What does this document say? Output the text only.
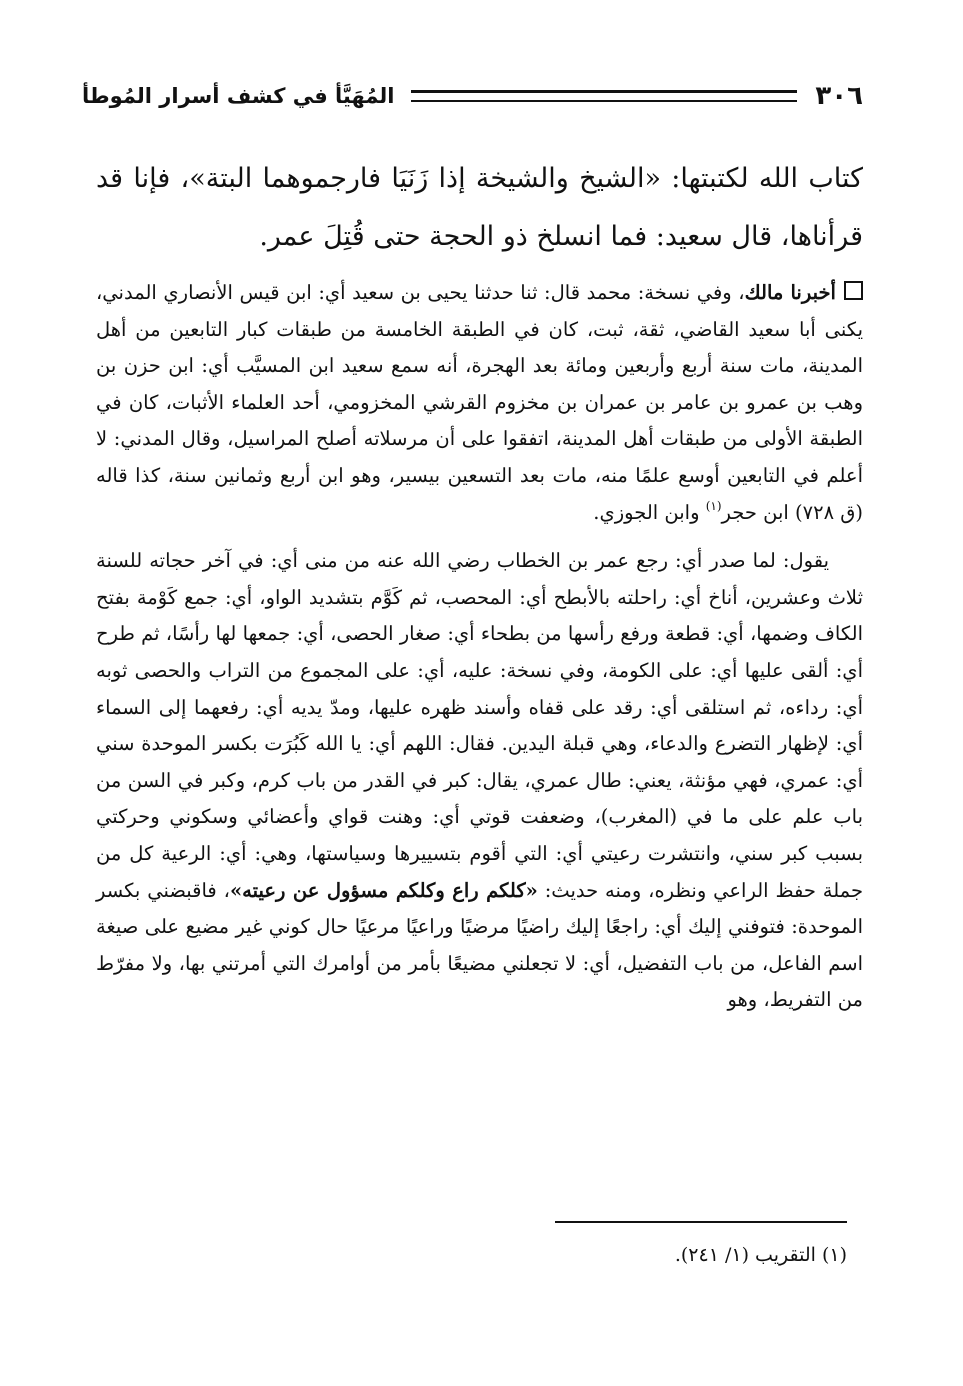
٣٠٦
المُهَيَّأ في كشف أسرار المُوطأ
كتاب الله لكتبتها: «الشيخ والشيخة إذا زَنَيَا فارجموهما البتة»، فإنا قد قرأناها، قال سعيد: فما انسلخ ذو الحجة حتى قُتِلَ عمر.

أخبرنا مالك، وفي نسخة: محمد قال: ثنا حدثنا يحيى بن سعيد أي: ابن قيس الأنصاري المدني، يكنى أبا سعيد القاضي، ثقة، ثبت، كان في الطبقة الخامسة من طبقات كبار التابعين من أهل المدينة، مات سنة أربع وأربعين ومائة بعد الهجرة، أنه سمع سعيد ابن المسيَّب أي: ابن حزن بن وهب بن عمرو بن عامر بن عمران بن مخزوم القرشي المخزومي، أحد العلماء الأثبات، كان في الطبقة الأولى من طبقات أهل المدينة، اتفقوا على أن مرسلاته أصلح المراسيل، وقال المدني: لا أعلم في التابعين أوسع علمًا منه، مات بعد التسعين بيسير، وهو ابن أربع وثمانين سنة، كذا قاله (ق ٧٢٨) ابن حجر$^{(١)}$ وابن الجوزي.

يقول: لما صدر أي: رجع عمر بن الخطاب رضي الله عنه من منى أي: في آخر حجاته للسنة ثلاث وعشرين، أناخ أي: راحلته بالأبطح أي: المحصب، ثم كَوَّم بتشديد الواو، أي: جمع كَوْمة بفتح الكاف وضمها، أي: قطعة ورفع رأسها من بطحاء أي: صغار الحصى، أي: جمعها لها رأسًا، ثم طرح أي: ألقى عليها أي: على الكومة، وفي نسخة: عليه، أي: على المجموع من التراب والحصى ثوبه أي: رداءه، ثم استلقى أي: رقد على قفاه وأسند ظهره عليها، ومدّ يديه أي: رفعهما إلى السماء أي: لإظهار التضرع والدعاء، وهي قبلة اليدين. فقال: اللهم أي: يا الله كَبُرَت بكسر الموحدة سني أي: عمري، فهي مؤنثة، يعني: طال عمري، يقال: كبر في القدر من باب كرم، وكبر في السن من باب علم على ما في (المغرب)، وضعفت قوتي أي: وهنت قواي وأعضائي وسكوني وحركتي بسبب كبر سني، وانتشرت رعيتي أي: التي أقوم بتسييرها وسياستها، وهي: أي: الرعية كل من جملة حفظ الراعي ونظره، ومنه حديث: «كلكم راع وكلكم مسؤول عن رعيته»، فاقبضني بكسر الموحدة: فتوفني إليك أي: راجعًا إليك راضيًا مرضيًا وراعيًا مرعيًا حال كوني غير مضيع على صيغة اسم الفاعل، من باب التفضيل، أي: لا تجعلني مضيعًا بأمر من أوامرك التي أمرتني بها، ولا مفرّط من التفريط، وهو

(١) التقريب (١/ ٢٤١).
